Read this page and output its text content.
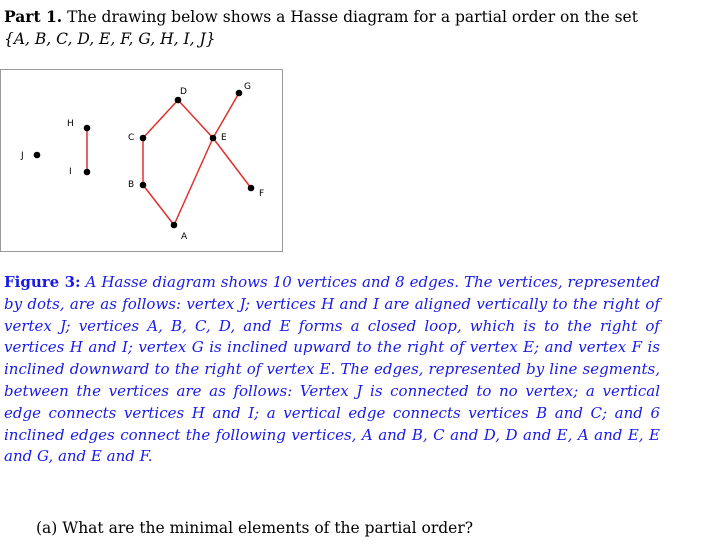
Part 1. The drawing below shows a Hasse diagram for a partial order on the set
{A, B, C, D, E, F, G, H, I, J}
J
H
I
C
B
D
A
E
G
F
Figure 3: A Hasse diagram shows 10 vertices and 8 edges. The vertices, represented by dots, are as follows: vertex J; vertices H and I are aligned vertically to the right of vertex J; vertices A, B, C, D, and E forms a closed loop, which is to the right of vertices H and I; vertex G is inclined upward to the right of vertex E; and vertex F is inclined downward to the right of vertex E. The edges, represented by line segments, between the vertices are as follows: Vertex J is connected to no vertex; a vertical edge connects vertices H and I; a vertical edge connects vertices B and C; and 6 inclined edges connect the following vertices, A and B, C and D, D and E, A and E, E and G, and E and F.
(a) What are the minimal elements of the partial order?
